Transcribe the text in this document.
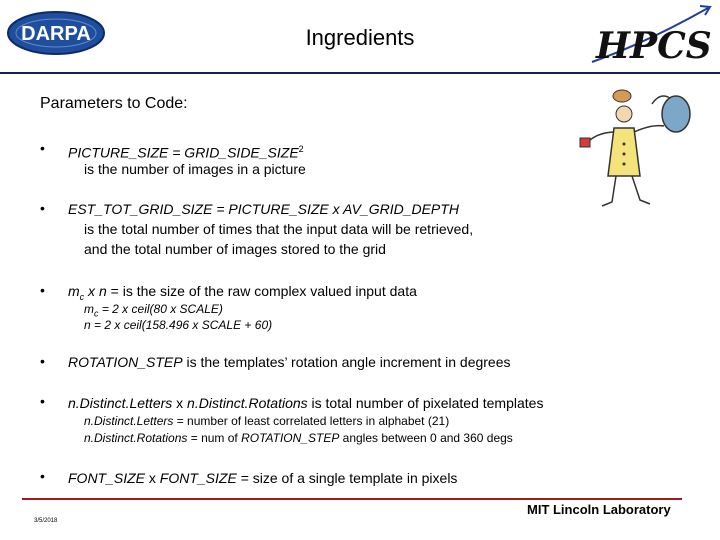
DARPA	Ingredients	HPCS
Parameters to Code:
• PICTURE_SIZE = $GRID\_SIDE\_SIZE^2$
is the number of images in a picture
• EST_TOT_GRID_SIZE = PICTURE_SIZE x AV_GRID_DEPTH
is the total number of times that the input data will be retrieved,
and the total number of images stored to the grid
• $m_c$ x n = is the size of the raw complex valued input data
$m_c = 2$ x ceil(80 x SCALE)
n = 2 x ceil(158.496 x SCALE + 60)
• ROTATION_STEP is the templates’ rotation angle increment in degrees
• n.Distinct.Letters x n.Distinct.Rotations is total number of pixelated templates
n.Distinct.Letters = number of least correlated letters in alphabet (21)
n.Distinct.Rotations = num of ROTATION_STEP angles between 0 and 360 degs
• FONT_SIZE x FONT_SIZE = size of a single template in pixels
MIT Lincoln Laboratory
3/5/2018
